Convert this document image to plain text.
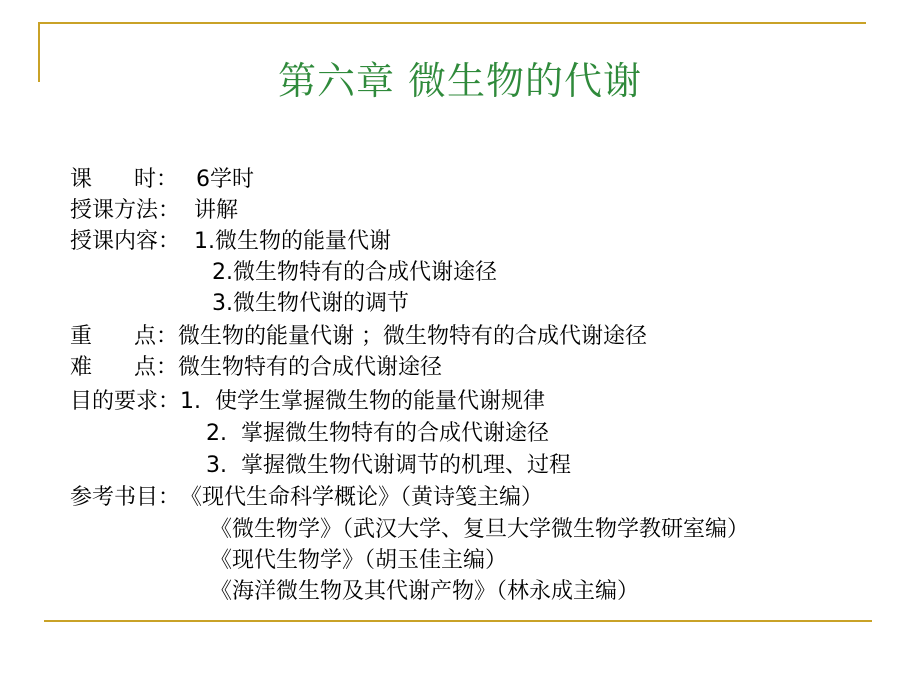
第六章 微生物的代谢

课      时： 6学时

授课方法： 讲解

授课内容： 1.微生物的能量代谢

2.微生物特有的合成代谢途径

3.微生物代谢的调节

重      点：微生物的能量代谢 ；微生物特有的合成代谢途径

难      点：微生物特有的合成代谢途径

目的要求：1.  使学生掌握微生物的能量代谢规律

2.  掌握微生物特有的合成代谢途径

3.  掌握微生物代谢调节的机理、过程

参考书目：《现代生命科学概论》（黄诗笺主编）

《微生物学》（武汉大学、复旦大学微生物学教研室编）

《现代生物学》（胡玉佳主编）

《海洋微生物及其代谢产物》（林永成主编）
